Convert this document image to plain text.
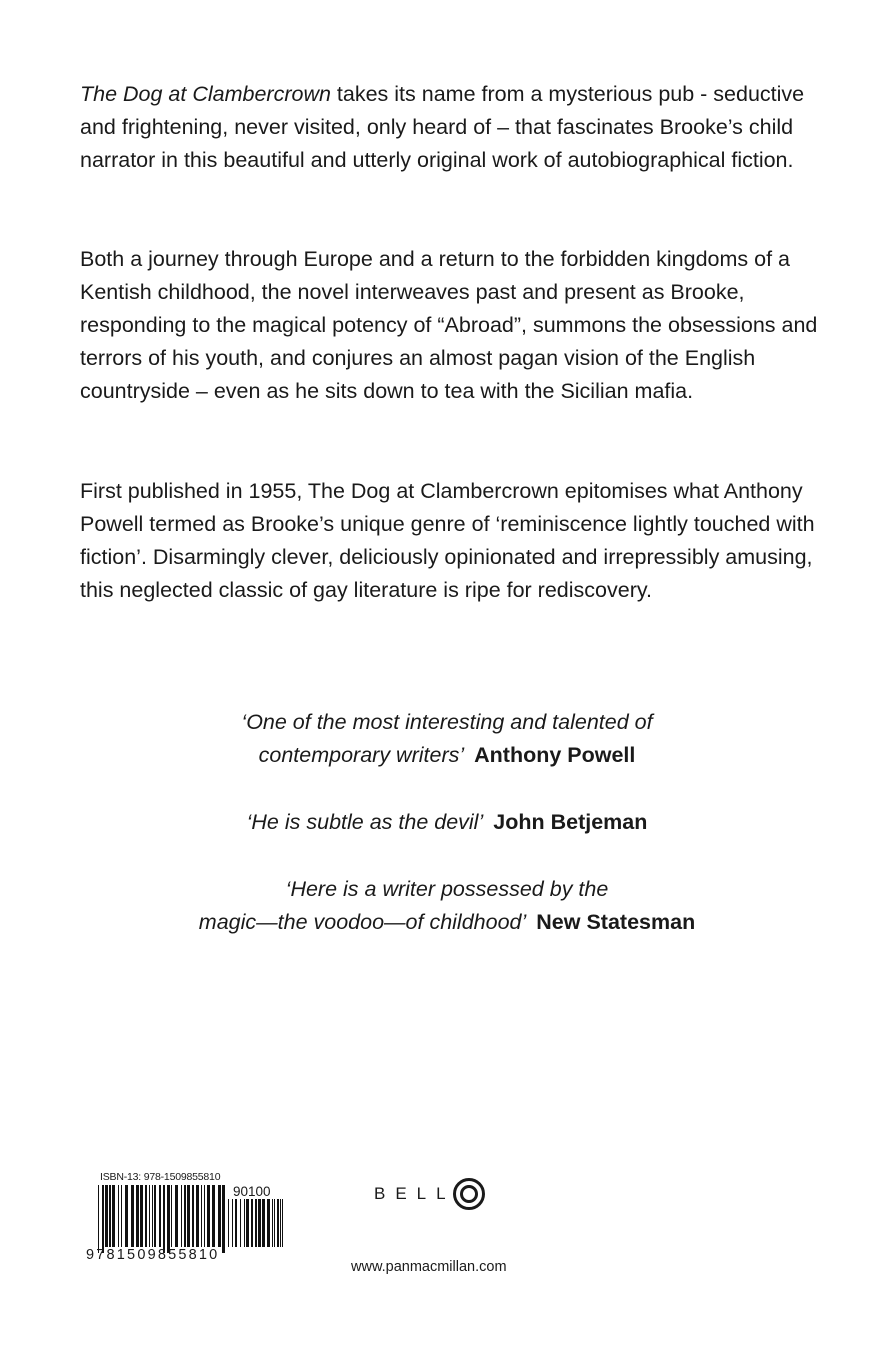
The Dog at Clambercrown takes its name from a mysterious pub - seductive and frightening, never visited, only heard of – that fascinates Brooke’s child narrator in this beautiful and utterly original work of autobiographical fiction.

Both a journey through Europe and a return to the forbidden kingdoms of a Kentish childhood, the novel interweaves past and present as Brooke, responding to the magical potency of “Abroad”, summons the obsessions and terrors of his youth, and conjures an almost pagan vision of the English countryside – even as he sits down to tea with the Sicilian mafia.

First published in 1955, The Dog at Clambercrown epitomises what Anthony Powell termed as Brooke’s unique genre of ‘reminiscence lightly touched with fiction’. Disarmingly clever, deliciously opinionated and irrepressibly amusing, this neglected classic of gay literature is ripe for rediscovery.

‘One of the most interesting and talented of
contemporary writers’ Anthony Powell
‘He is subtle as the devil’ John Betjeman
‘Here is a writer possessed by the
magic—the voodoo—of childhood’ New Statesman
ISBN-13: 978-1509855810
90100
9781509855810
BELL
www.panmacmillan.com
